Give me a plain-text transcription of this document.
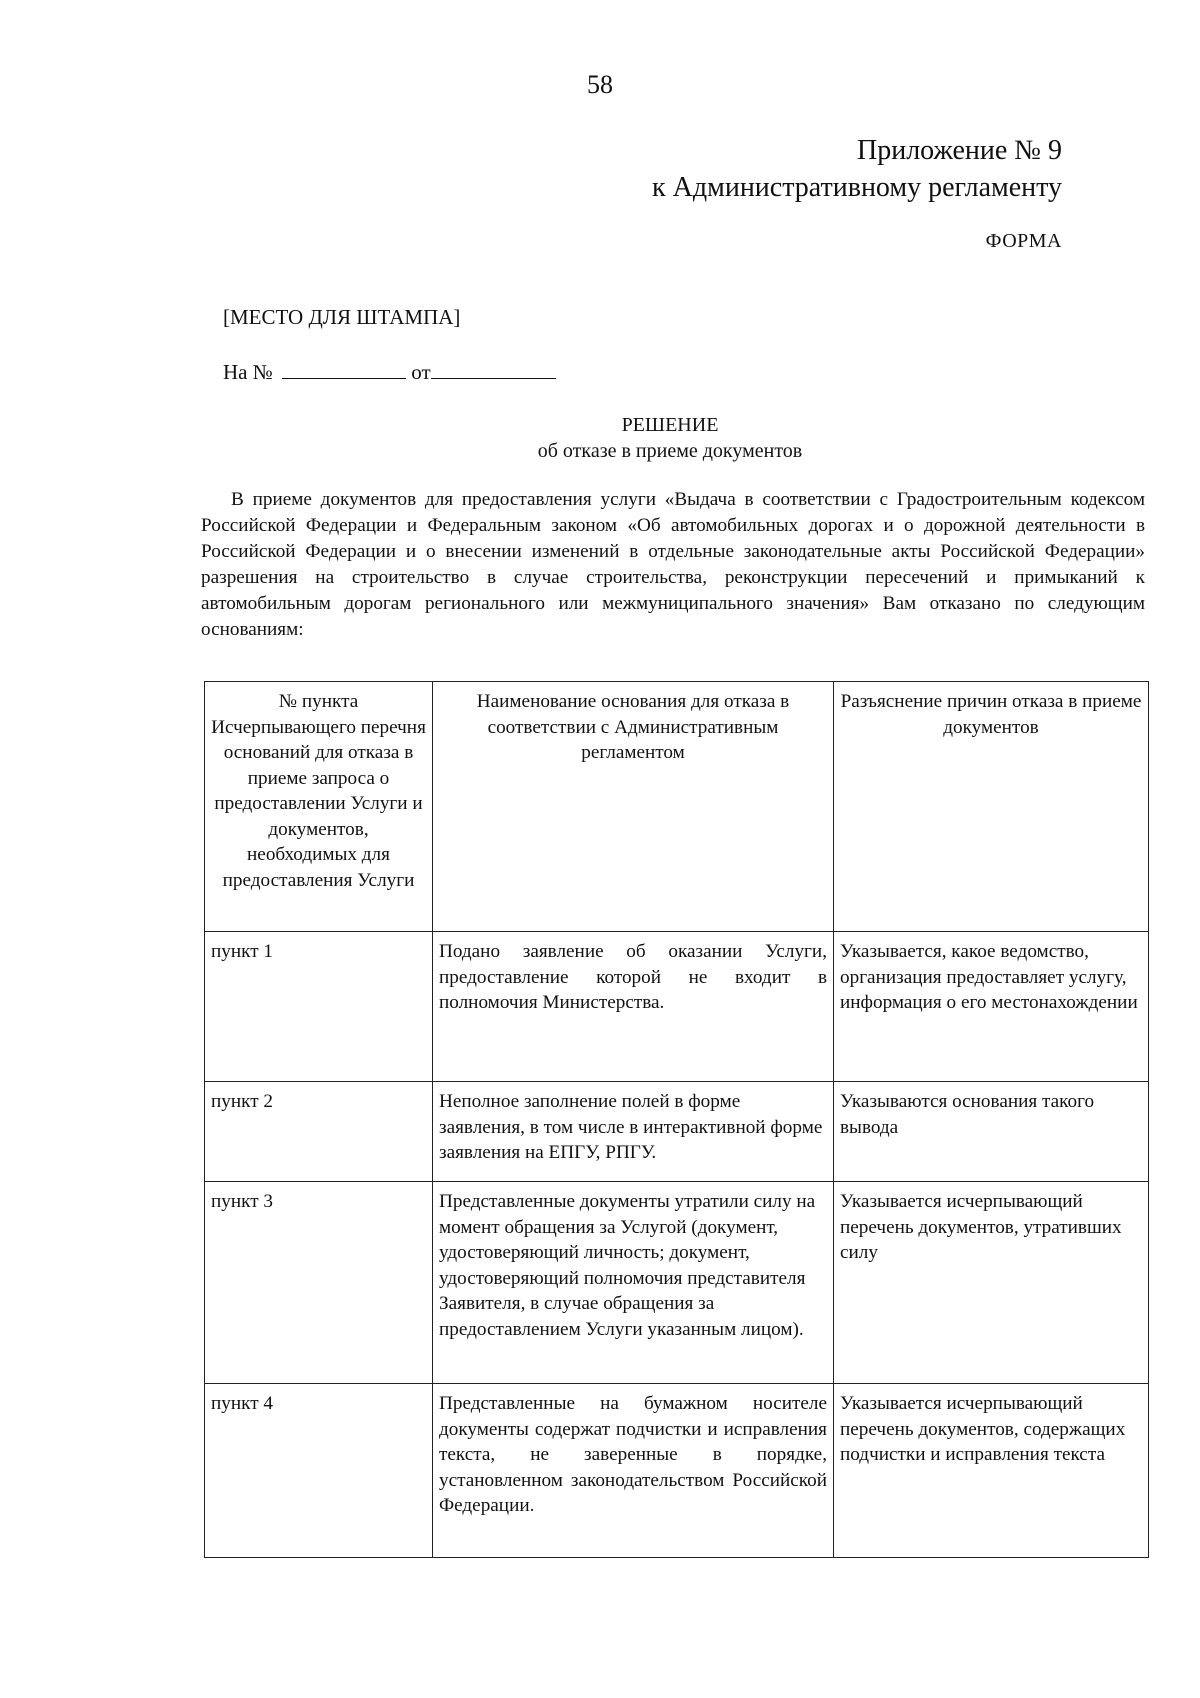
58
Приложение № 9
к Административному регламенту
ФОРМА
[МЕСТО ДЛЯ ШТАМПА]
На №	от
РЕШЕНИЕ
об отказе в приеме документов
В приеме документов для предоставления услуги «Выдача в соответствии с Градостроительным кодексом Российской Федерации и Федеральным законом «Об автомобильных дорогах и о дорожной деятельности в Российской Федерации и о внесении изменений в отдельные законодательные акты Российской Федерации» разрешения на строительство в случае строительства, реконструкции пересечений и примыканий к автомобильным дорогам регионального или межмуниципального значения» Вам отказано по следующим основаниям:
№ пункта Исчерпывающего перечня оснований для отказа в приеме запроса о предоставлении Услуги и документов, необходимых для предоставления Услуги	Наименование основания для отказа в соответствии с Административным регламентом	Разъяснение причин отказа в приеме документов
пункт 1	Подано заявление об оказании Услуги, предоставление которой не входит в полномочия Министерства.	Указывается, какое ведомство, организация предоставляет услугу, информация о его местонахождении
пункт 2	Неполное заполнение полей в форме заявления, в том числе в интерактивной форме заявления на ЕПГУ, РПГУ.	Указываются основания такого вывода
пункт 3	Представленные документы утратили силу на момент обращения за Услугой (документ, удостоверяющий личность; документ, удостоверяющий полномочия представителя Заявителя, в случае обращения за предоставлением Услуги указанным лицом).	Указывается исчерпывающий перечень документов, утративших силу
пункт 4	Представленные на бумажном носителе документы содержат подчистки и исправления текста, не заверенные в порядке, установленном законодательством Российской Федерации.	Указывается исчерпывающий перечень документов, содержащих подчистки и исправления текста
